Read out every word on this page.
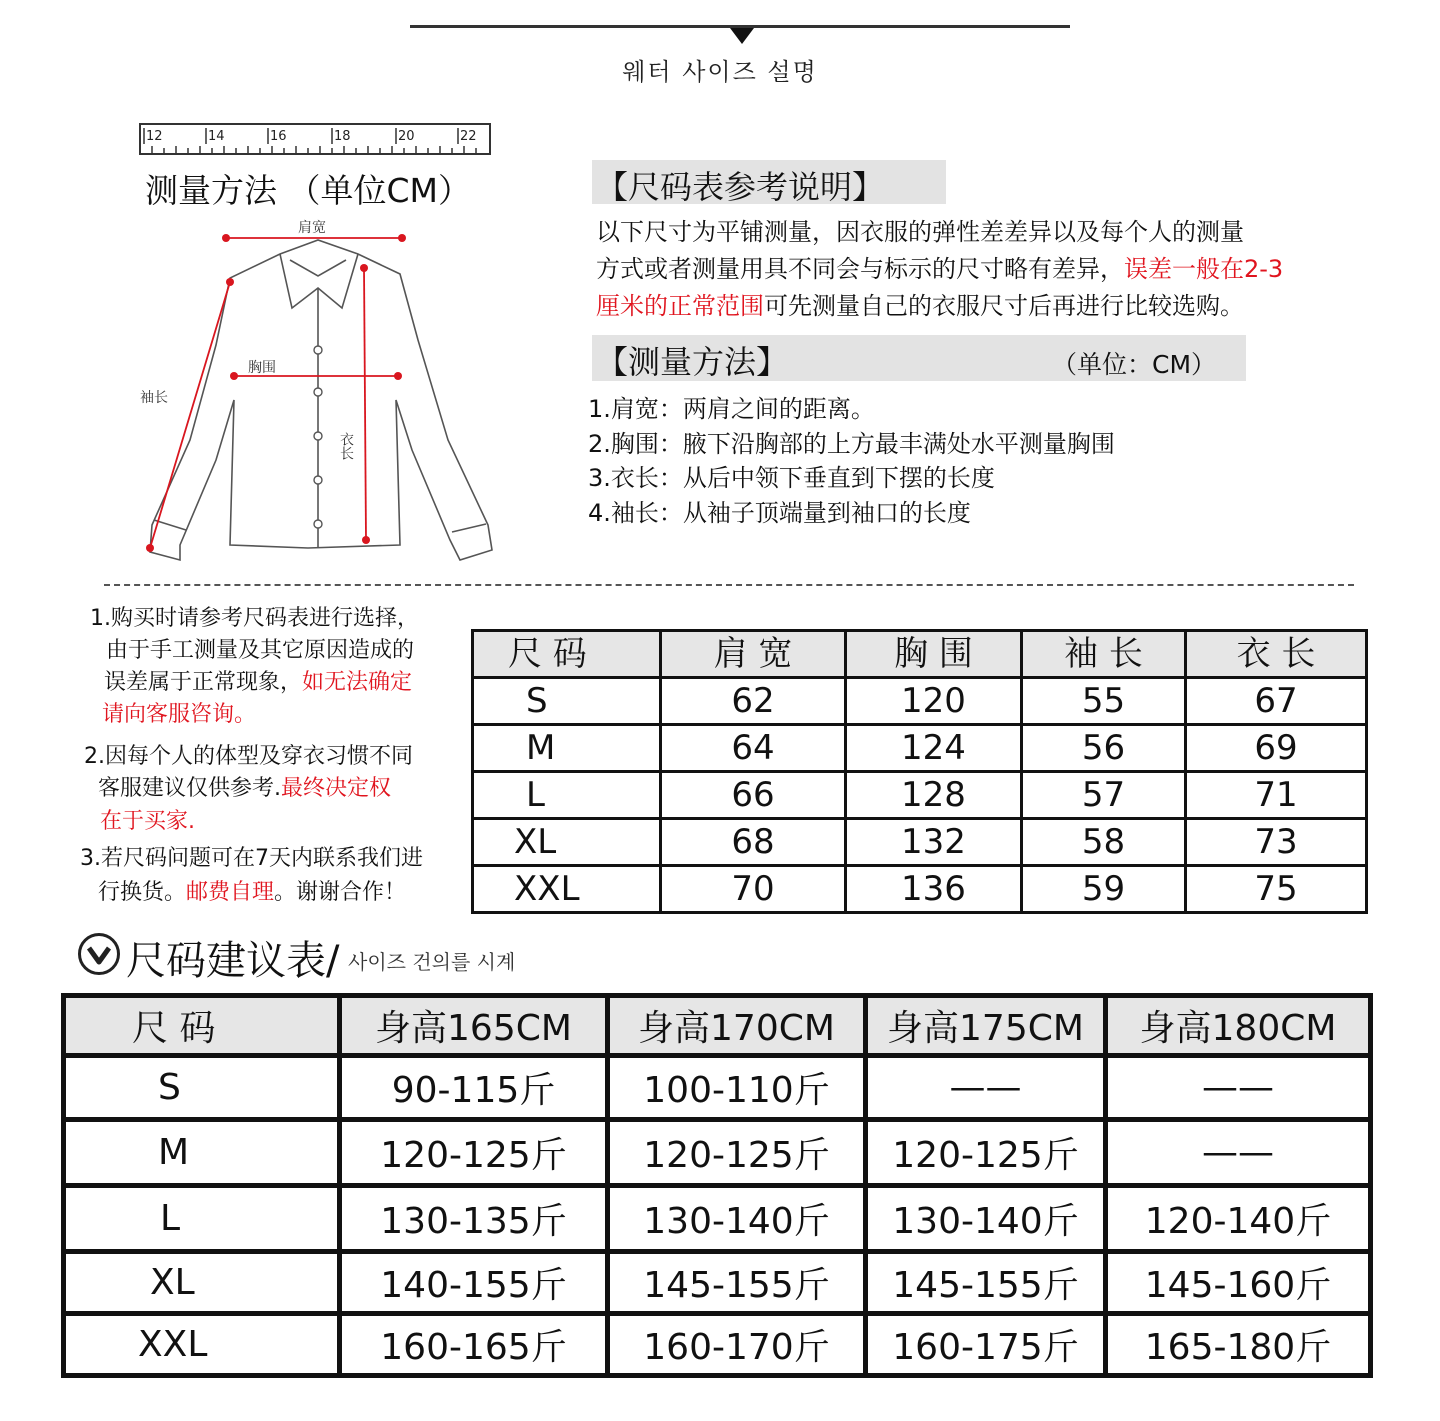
웨터 사이즈 설명
12	14	16	18	20	22
肩宽
胸围
袖长
衣长
测量方法 （单位CM）	【尺码表参考说明】
以下尺寸为平铺测量，因衣服的弹性差差异以及每个人的测量
方式或者测量用具不同会与标示的尺寸略有差异，误差一般在2-3
厘米的正常范围可先测量自己的衣服尺寸后再进行比较选购。
【测量方法】	（单位：CM）
1.肩宽：两肩之间的距离。
2.胸围：腋下沿胸部的上方最丰满处水平测量胸围
3.衣长：从后中领下垂直到下摆的长度
4.袖长：从袖子顶端量到袖口的长度
1.购买时请参考尺码表进行选择，
由于手工测量及其它原因造成的
误差属于正常现象，如无法确定
请向客服咨询。
2.因每个人的体型及穿衣习惯不同
客服建议仅供参考.最终决定权
在于买家.
3.若尺码问题可在7天内联系我们进
行换货。邮费自理。谢谢合作！
尺 码	肩 宽	胸 围	袖 长	衣 长
S	62	120	55	67
M	64	124	56	69
L	66	128	57	71
XL	68	132	58	73
XXL	70	136	59	75
尺码建议表/ 사이즈 건의를 시계
尺 码	身高165CM	身高170CM	身高175CM	身高180CM
S	90-115斤	100-110斤	——	——
M	120-125斤	120-125斤	120-125斤	——
L	130-135斤	130-140斤	130-140斤	120-140斤
XL	140-155斤	145-155斤	145-155斤	145-160斤
XXL	160-165斤	160-170斤	160-175斤	165-180斤
